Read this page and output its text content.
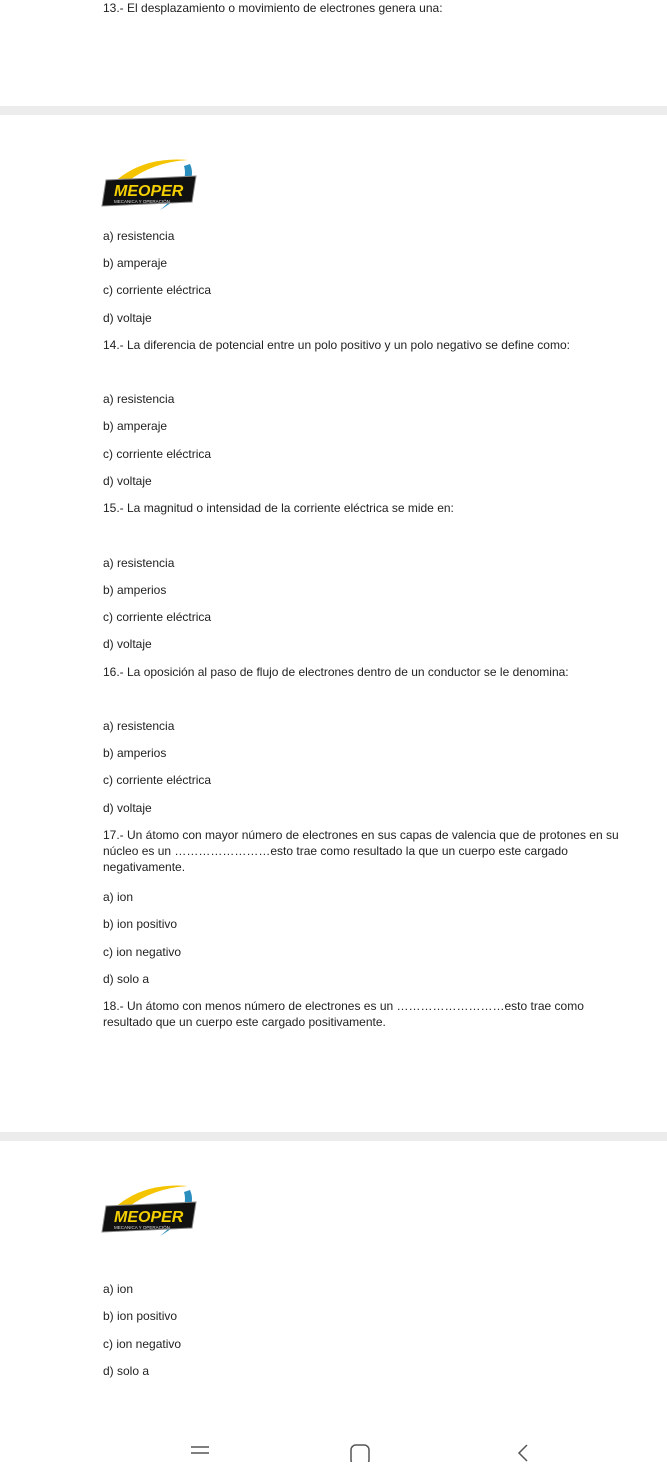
13.- El desplazamiento o movimiento de electrones genera una:
MEOPER
MECANICA Y OPERACIÓN
a) resistencia
b) amperaje
c) corriente eléctrica
d) voltaje
14.- La diferencia de potencial entre un polo positivo y un polo negativo se define como:
a) resistencia
b) amperaje
c) corriente eléctrica
d) voltaje
15.- La magnitud o intensidad de la corriente eléctrica se mide en:
a) resistencia
b) amperios
c) corriente eléctrica
d) voltaje
16.- La oposición al paso de flujo de electrones dentro de un conductor se le denomina:
a) resistencia
b) amperios
c) corriente eléctrica
d) voltaje
17.- Un átomo con mayor número de electrones en sus capas de valencia que de protones en su núcleo es un ……………………esto trae como resultado la que un cuerpo este cargado negativamente.
a) ion
b) ion positivo
c) ion negativo
d) solo a
18.- Un átomo con menos número de electrones es un ………………………esto trae como resultado que un cuerpo este cargado positivamente.
MEOPER
MECANICA Y OPERACIÓN
a) ion
b) ion positivo
c) ion negativo
d) solo a
